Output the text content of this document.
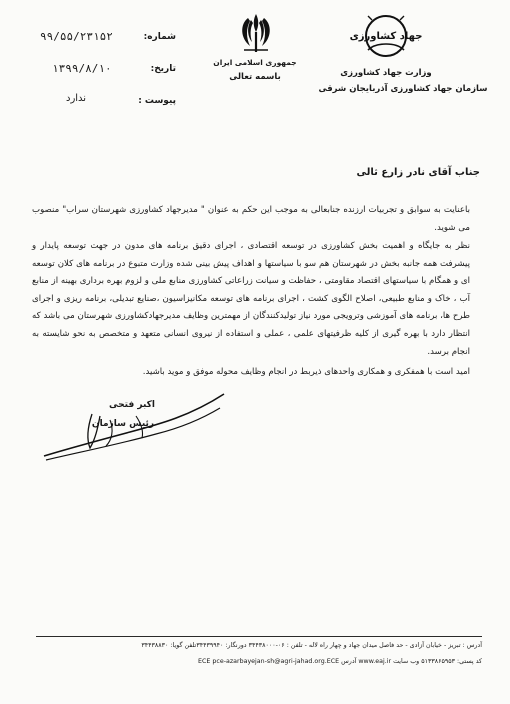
جمهوری اسلامی ایران
باسمه تعالی
جهاد کشاورزی
وزارت جهاد کشاورزی
سازمان جهاد کشاورزی آذربایجان شرقی
شماره:
۹۹/۵۵/۲۳۱۵۲
تاریخ:
۱۳۹۹/۸/۱۰
پیوست :
ندارد
جناب آقای نادر زارع ثالی
باعنایت به سوابق و تجربیات ارزنده جنابعالی به موجب این حکم به عنوان " مدیرجهاد کشاورزی شهرستان سراب" منصوب می شوید.
نظر به جایگاه و اهمیت بخش کشاورزی در توسعه اقتصادی ، اجرای دقیق برنامه های مدون در جهت توسعه پایدار و پیشرفت همه جانبه بخش در شهرستان هم سو با سیاستها و اهداف پیش بینی شده وزارت متبوع در برنامه های کلان توسعه ای و همگام با سیاستهای اقتصاد مقاومتی ، حفاظت و سیانت زراعاتی کشاورزی منابع ملی و لزوم بهره برداری بهینه از منابع آب ، خاک و منابع طبیعی، اصلاح الگوی کشت ، اجرای برنامه های توسعه مکانیزاسیون ،صنایع تبدیلی، برنامه ریزی و اجرای طرح ها، برنامه های آموزشی وترویجی مورد نیاز تولیدکنندگان از مهمترین وظایف مدیرجهادکشاورزی شهرستان می باشد که انتظار دارد با بهره گیری از کلیه ظرفیتهای علمی ، عملی و استفاده از نیروی انسانی متعهد و متخصص به نحو شایسته به انجام برسد.
امید است با همفکری و همکاری واحدهای ذیربط در انجام وظایف محوله موفق و موید باشید.
اکبر فتحی
رئیس سازمان
آدرس : تبریز - خیابان آزادی - حد فاصل میدان جهاد و چهار راه لاله - تلفن : ۰۶-۳۴۴۳۸۰۰۰ دورنگار: ۳۴۴۳۹۹۴۰تلفن گویا: ۳۴۴۳۸۸۳۰
کد پستی: ۵۱۳۳۸۶۵۹۵۳ وب سایت www.eaj.ir آدرس ECE pce-azarbayejan-sh@agri-jahad.org.ECE
